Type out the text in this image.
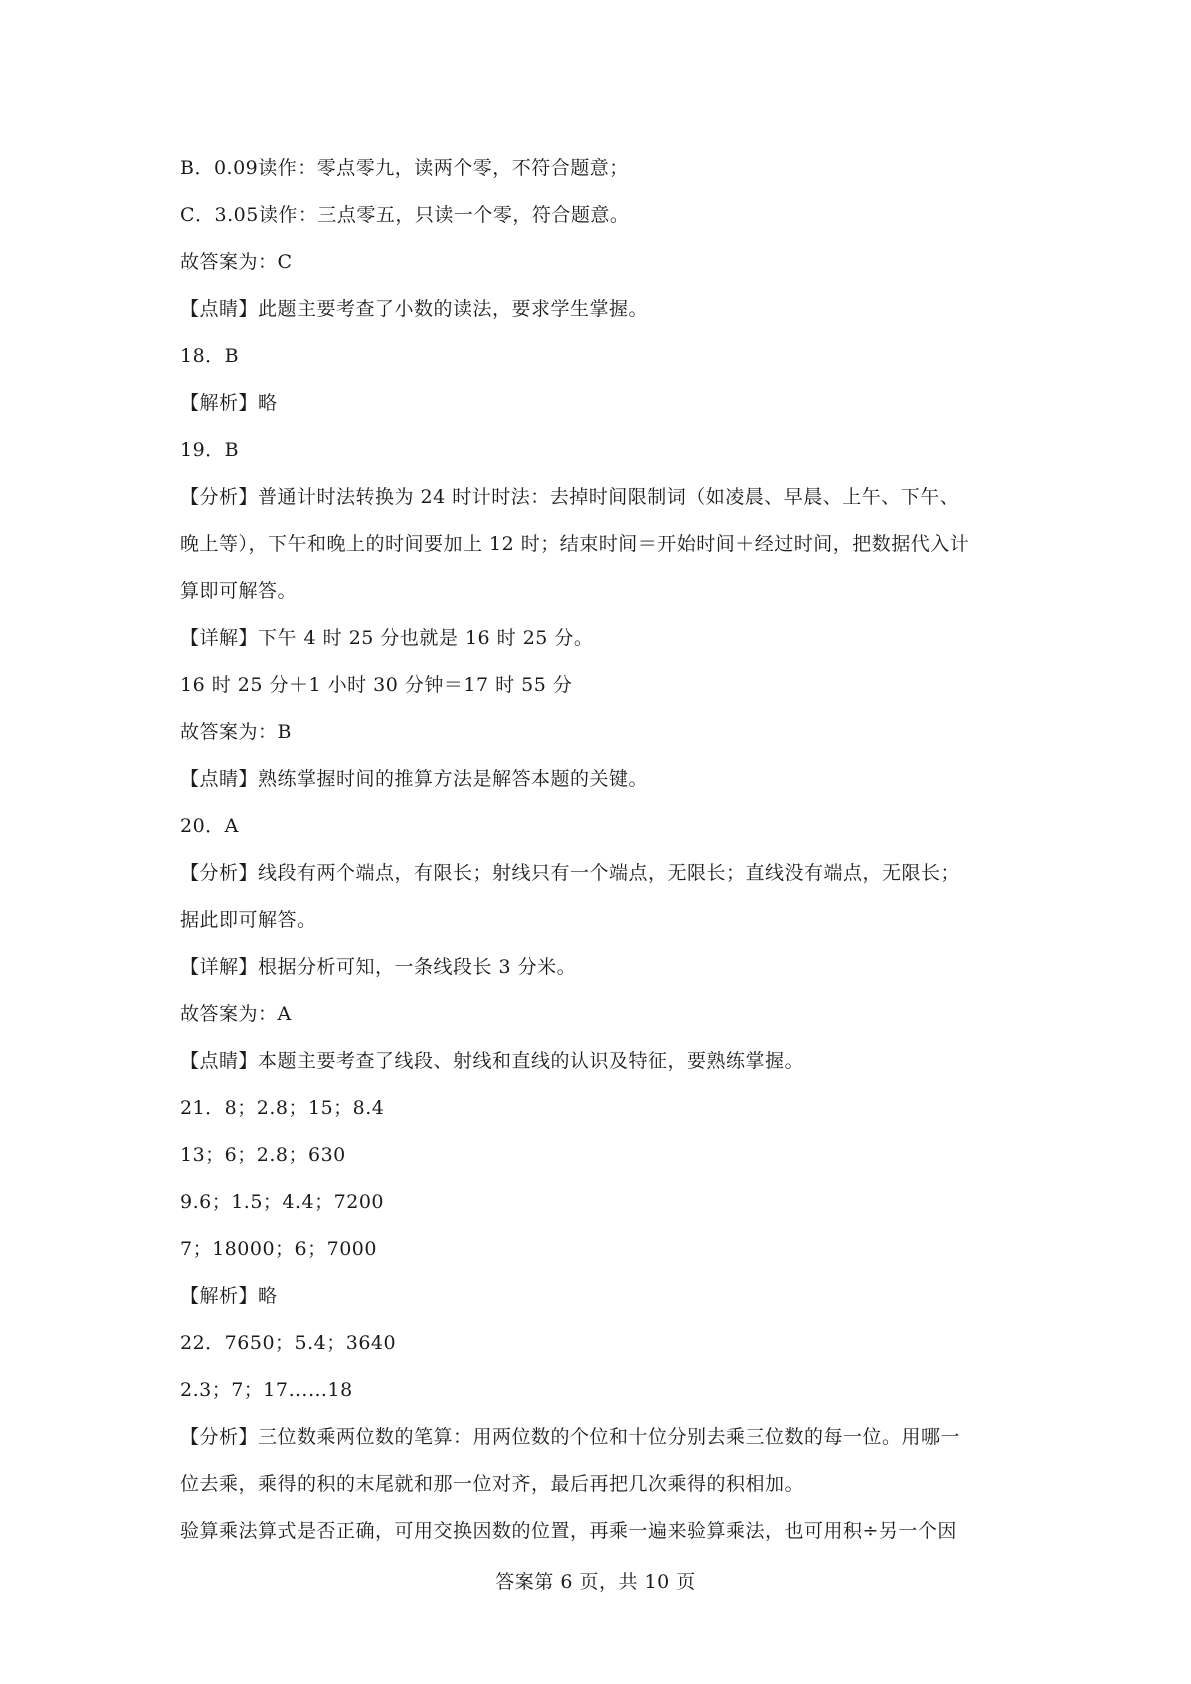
B．0.09读作：零点零九，读两个零，不符合题意；
C．3.05读作：三点零五，只读一个零，符合题意。
故答案为：C
【点睛】此题主要考查了小数的读法，要求学生掌握。
18．B
【解析】略
19．B
【分析】普通计时法转换为 24 时计时法：去掉时间限制词（如凌晨、早晨、上午、下午、
晚上等），下午和晚上的时间要加上 12 时；结束时间＝开始时间＋经过时间，把数据代入计
算即可解答。
【详解】下午 4 时 25 分也就是 16 时 25 分。
16 时 25 分＋1 小时 30 分钟＝17 时 55 分
故答案为：B
【点睛】熟练掌握时间的推算方法是解答本题的关键。
20．A
【分析】线段有两个端点，有限长；射线只有一个端点，无限长；直线没有端点，无限长；
据此即可解答。
【详解】根据分析可知，一条线段长 3 分米。
故答案为：A
【点睛】本题主要考查了线段、射线和直线的认识及特征，要熟练掌握。
21．8；2.8；15；8.4
13；6；2.8；630
9.6；1.5；4.4；7200
7；18000；6；7000
【解析】略
22．7650；5.4；3640
2.3；7；17……18
【分析】三位数乘两位数的笔算：用两位数的个位和十位分别去乘三位数的每一位。用哪一
位去乘，乘得的积的末尾就和那一位对齐，最后再把几次乘得的积相加。
验算乘法算式是否正确，可用交换因数的位置，再乘一遍来验算乘法，也可用积÷另一个因
答案第 6 页，共 10 页
